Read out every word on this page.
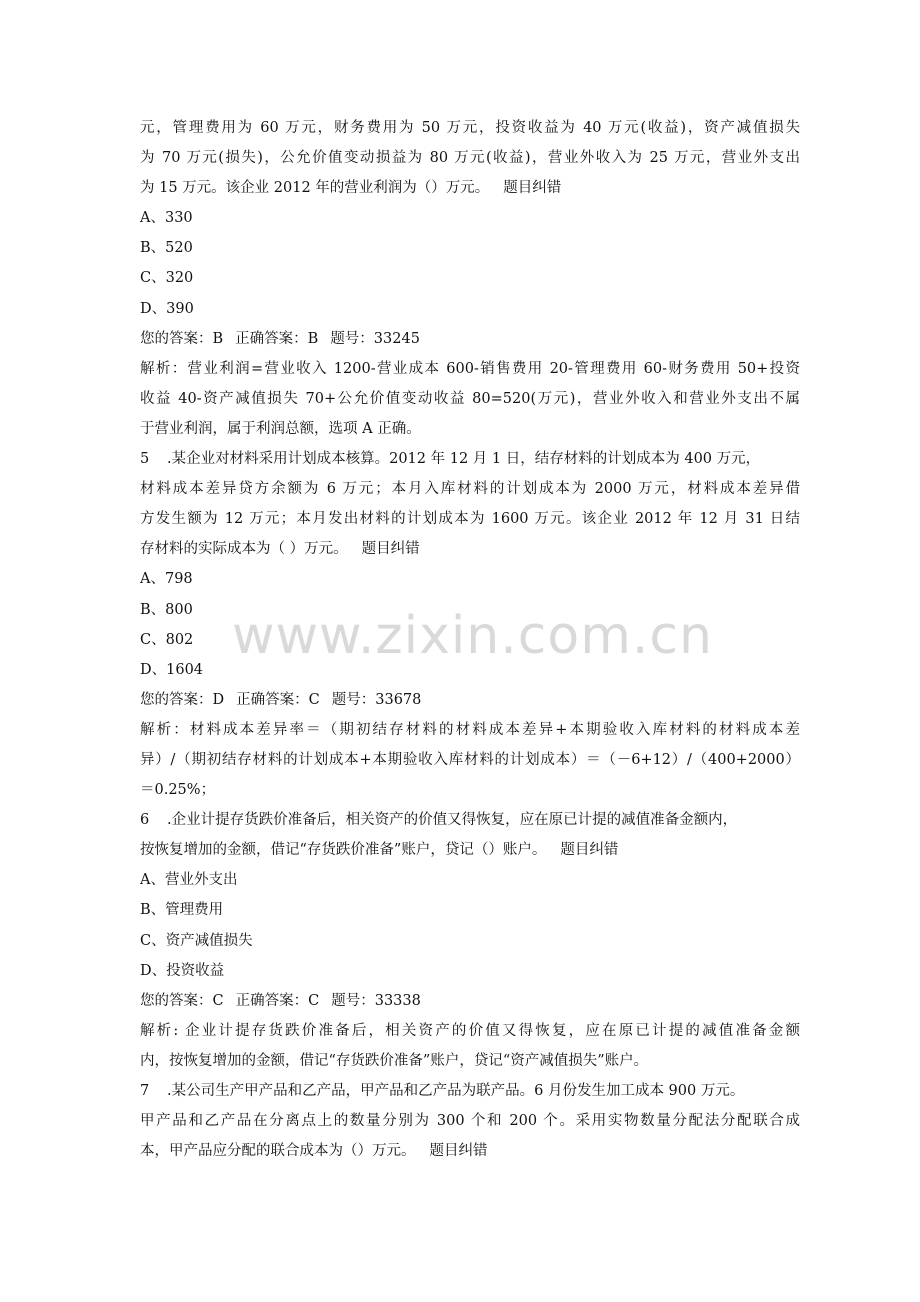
www.zixin.com.cn
元，管理费用为 60 万元，财务费用为 50 万元，投资收益为 40 万元(收益)，资产减值损失
为 70 万元(损失)，公允价值变动损益为 80 万元(收益)，营业外收入为 25 万元，营业外支出
为 15 万元。该企业 2012 年的营业利润为（）万元。 题目纠错
A、330
B、520
C、320
D、390
您的答案：B 正确答案：B 题号：33245
解析：营业利润=营业收入 1200-营业成本 600-销售费用 20-管理费用 60-财务费用 50+投资
收益 40-资产减值损失 70+公允价值变动收益 80=520(万元)，营业外收入和营业外支出不属
于营业利润，属于利润总额，选项 A 正确。
5 .某企业对材料采用计划成本核算。2012 年 12 月 1 日，结存材料的计划成本为 400 万元，
材料成本差异贷方余额为 6 万元；本月入库材料的计划成本为 2000 万元，材料成本差异借
方发生额为 12 万元；本月发出材料的计划成本为 1600 万元。该企业 2012 年 12 月 31 日结
存材料的实际成本为（ ）万元。 题目纠错
A、798
B、800
C、802
D、1604
您的答案：D 正确答案：C 题号：33678
解析：材料成本差异率＝（期初结存材料的材料成本差异+本期验收入库材料的材料成本差
异）/（期初结存材料的计划成本+本期验收入库材料的计划成本）＝（－6+12）/（400+2000）
＝0.25%；
6 .企业计提存货跌价准备后，相关资产的价值又得恢复，应在原已计提的减值准备金额内，
按恢复增加的金额，借记“存货跌价准备”账户，贷记（）账户。 题目纠错
A、营业外支出
B、管理费用
C、资产减值损失
D、投资收益
您的答案：C 正确答案：C 题号：33338
解析: 企业计提存货跌价准备后，相关资产的价值又得恢复，应在原已计提的减值准备金额
内，按恢复增加的金额，借记“存货跌价准备”账户，贷记“资产减值损失”账户。
7 .某公司生产甲产品和乙产品，甲产品和乙产品为联产品。6 月份发生加工成本 900 万元。
甲产品和乙产品在分离点上的数量分别为 300 个和 200 个。采用实物数量分配法分配联合成
本，甲产品应分配的联合成本为（）万元。 题目纠错
